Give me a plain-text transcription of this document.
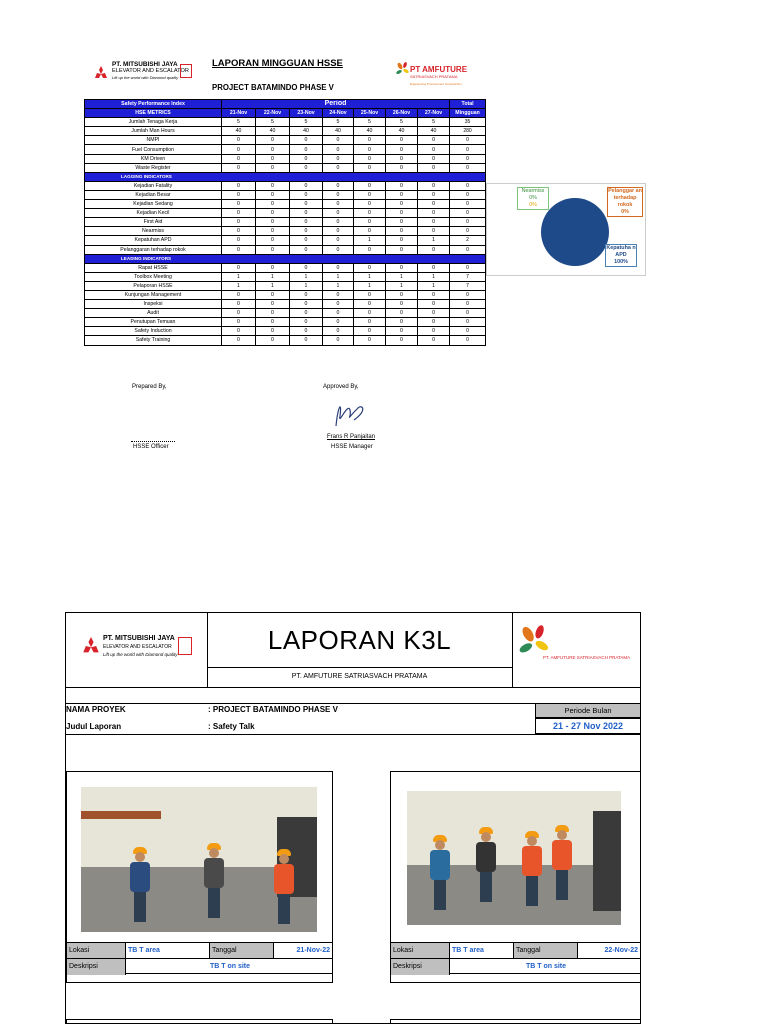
PT. MITSUBISHI JAYA
ELEVATOR AND ESCALATOR
Lift up the world with Diamond quality
LAPORAN MINGGUAN HSSE
PROJECT BATAMINDO PHASE V
PT AMFUTURE
SATRIASVACH PRATAMA
Engineering Procurement Construction
Safety Performance Index	Period							Total
HSE METRICS	21-Nov	22-Nov	23-Nov	24-Nov	25-Nov	26-Nov	27-Nov	Mingguan
Jumlah Tenaga Kerja	5	5	5	5	5	5	5	35
Jumlah Man Hours	40	40	40	40	40	40	40	280
NMPI	0	0	0	0	0	0	0	0
Fuel Consumption	0	0	0	0	0	0	0	0
KM Driven	0	0	0	0	0	0	0	0
Waste Register	0	0	0	0	0	0	0	0
LAGGING INDICATORS								
Kejadian Fatality	0	0	0	0	0	0	0	0
Kejadian Besar	0	0	0	0	0	0	0	0
Kejadian Sedang	0	0	0	0	0	0	0	0
Kejadian Kecil	0	0	0	0	0	0	0	0
First Aid	0	0	0	0	0	0	0	0
Nearmiss	0	0	0	0	0	0	0	0
Kepatuhan APD	0	0	0	0	1	0	1	2
Pelanggaran terhadap rokok	0	0	0	0	0	0	0	0
LEADING INDICATORS								
Rapat HSSE	0	0	0	0	0	0	0	0
Toolbox Meeting	1	1	1	1	1	1	1	7
Pelaporan HSSE	1	1	1	1	1	1	1	7
Kunjungan Management	0	0	0	0	0	0	0	0
Inspeksi	0	0	0	0	0	0	0	0
Audit	0	0	0	0	0	0	0	0
Penutupan Temuan	0	0	0	0	0	0	0	0
Safety Induction	0	0	0	0	0	0	0	0
Safety Training	0	0	0	0	0	0	0	0
Nearmiss
0%
0%
Pelanggar an terhadap rokok
0%
Kepatuha n APD
100%
Prepared By,	Approved By,
HSSE Officer
Frans R Panjaitan
HSSE Manager
PT. MITSUBISHI JAYA
ELEVATOR AND ESCALATOR
Lift up the world with Diamond quality	LAPORAN K3L
PT. AMFUTURE SATRIASVACH PRATAMA
PT. AMFUTURE SATRIASVACH PRATAMA
NAMA PROYEK	: PROJECT BATAMINDO PHASE V
Judul Laporan	: Safety Talk
Periode Bulan
21 - 27 Nov 2022
Lokasi	TB T area	Tanggal	21-Nov-22
Deskripsi	TB T on site
Lokasi	TB T area	Tanggal	22-Nov-22
Deskripsi	TB T on site
